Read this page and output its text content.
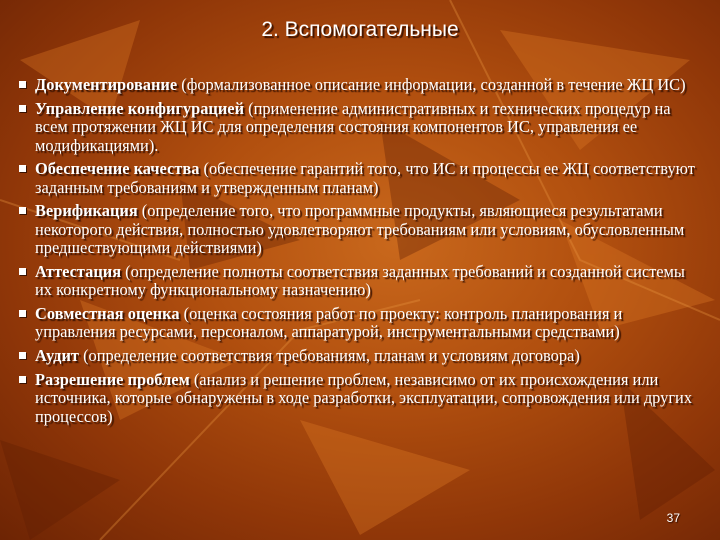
2. Вспомогательные
Документирование (формализованное описание информации, созданной в течение ЖЦ ИС)
Управление конфигурацией (применение административных и технических процедур на всем протяжении ЖЦ ИС для определения состояния компонентов ИС, управления ее модификациями).
Обеспечение качества (обеспечение гарантий того, что ИС и процессы ее ЖЦ соответствуют заданным требованиям и утвержденным планам)
Верификация (определение того, что программные продукты, являющиеся результатами некоторого действия, полностью удовлетворяют требованиям или условиям, обусловленным предшествующими действиями)
Аттестация (определение полноты соответствия заданных требований и созданной системы их конкретному функциональному назначению)
Совместная оценка (оценка состояния работ по проекту: контроль планирования и управления ресурсами, персоналом, аппаратурой, инструментальными средствами)
Аудит (определение соответствия требованиям, планам и условиям договора)
Разрешение проблем (анализ и решение проблем, независимо от их происхождения или источника, которые обнаружены в ходе разработки, эксплуатации, сопровождения или других процессов)
37
